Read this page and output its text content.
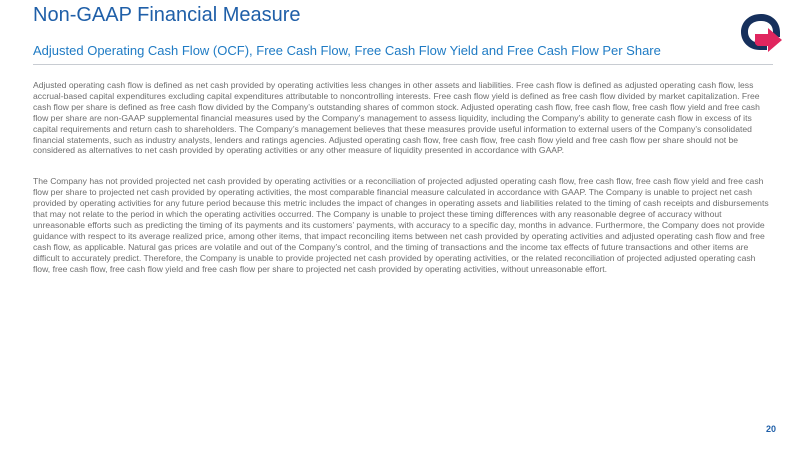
Non-GAAP Financial Measure
Adjusted Operating Cash Flow (OCF), Free Cash Flow, Free Cash Flow Yield and Free Cash Flow Per Share

Adjusted operating cash flow is defined as net cash provided by operating activities less changes in other assets and liabilities. Free cash flow is defined as adjusted operating cash flow, less accrual-based capital expenditures excluding capital expenditures attributable to noncontrolling interests. Free cash flow yield is defined as free cash flow divided by market capitalization. Free cash flow per share is defined as free cash flow divided by the Company’s outstanding shares of common stock. Adjusted operating cash flow, free cash flow, free cash flow yield and free cash flow per share are non-GAAP supplemental financial measures used by the Company’s management to assess liquidity, including the Company’s ability to generate cash flow in excess of its capital requirements and return cash to shareholders. The Company’s management believes that these measures provide useful information to external users of the Company’s consolidated financial statements, such as industry analysts, lenders and ratings agencies. Adjusted operating cash flow, free cash flow, free cash flow yield and free cash flow per share should not be considered as alternatives to net cash provided by operating activities or any other measure of liquidity presented in accordance with GAAP.

The Company has not provided projected net cash provided by operating activities or a reconciliation of projected adjusted operating cash flow, free cash flow, free cash flow yield and free cash flow per share to projected net cash provided by operating activities, the most comparable financial measure calculated in accordance with GAAP. The Company is unable to project net cash provided by operating activities for any future period because this metric includes the impact of changes in operating assets and liabilities related to the timing of cash receipts and disbursements that may not relate to the period in which the operating activities occurred. The Company is unable to project these timing differences with any reasonable degree of accuracy without unreasonable efforts such as predicting the timing of its payments and its customers’ payments, with accuracy to a specific day, months in advance. Furthermore, the Company does not provide guidance with respect to its average realized price, among other items, that impact reconciling items between net cash provided by operating activities and adjusted operating cash flow and free cash flow, as applicable. Natural gas prices are volatile and out of the Company’s control, and the timing of transactions and the income tax effects of future transactions and other items are difficult to accurately predict. Therefore, the Company is unable to provide projected net cash provided by operating activities, or the related reconciliation of projected adjusted operating cash flow, free cash flow, free cash flow yield and free cash flow per share to projected net cash provided by operating activities, without unreasonable effort.

20
